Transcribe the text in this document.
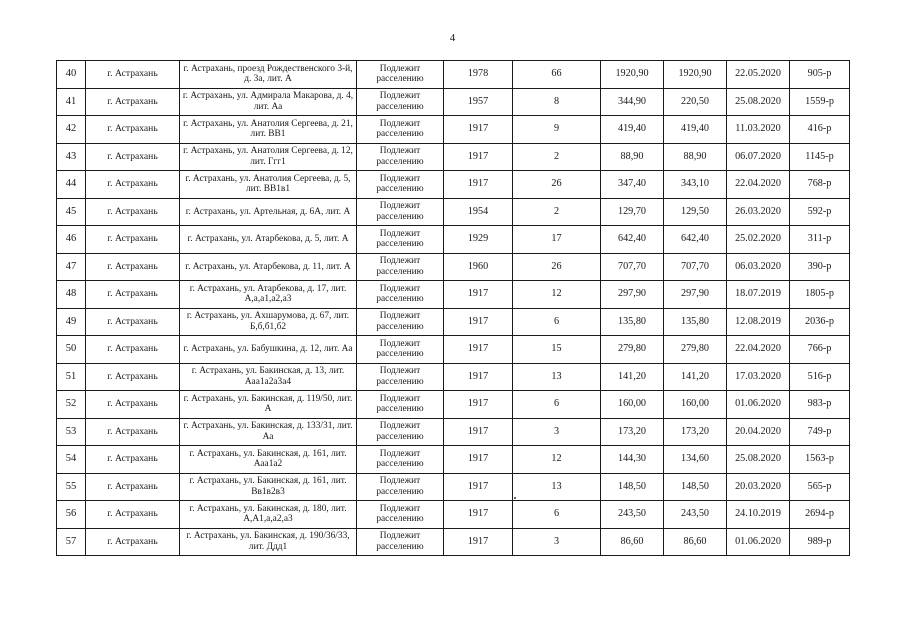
4
40	г. Астрахань	г. Астрахань, проезд Рождественского 3-й, д. 3а, лит. А	Подлежит расселению	1978	66	1920,90	1920,90	22.05.2020	905-р
41	г. Астрахань	г. Астрахань, ул. Адмирала Макарова, д. 4, лит. Аа	Подлежит расселению	1957	8	344,90	220,50	25.08.2020	1559-р
42	г. Астрахань	г. Астрахань, ул. Анатолия Сергеева, д. 21, лит. ВВ1	Подлежит расселению	1917	9	419,40	419,40	11.03.2020	416-р
43	г. Астрахань	г. Астрахань, ул. Анатолия Сергеева, д. 12, лит. Ггг1	Подлежит расселению	1917	2	88,90	88,90	06.07.2020	1145-р
44	г. Астрахань	г. Астрахань, ул. Анатолия Сергеева, д. 5, лит. ВВ1в1	Подлежит расселению	1917	26	347,40	343,10	22.04.2020	768-р
45	г. Астрахань	г. Астрахань, ул. Артельная, д. 6А, лит. А	Подлежит расселению	1954	2	129,70	129,50	26.03.2020	592-р
46	г. Астрахань	г. Астрахань, ул. Атарбекова, д. 5, лит. А	Подлежит расселению	1929	17	642,40	642,40	25.02.2020	311-р
47	г. Астрахань	г. Астрахань, ул. Атарбекова, д. 11, лит. А	Подлежит расселению	1960	26	707,70	707,70	06.03.2020	390-р
48	г. Астрахань	г. Астрахань, ул. Атарбекова, д. 17, лит. А,а,а1,а2,а3	Подлежит расселению	1917	12	297,90	297,90	18.07.2019	1805-р
49	г. Астрахань	г. Астрахань, ул. Ахшарумова, д. 67, лит. Б,б,б1,б2	Подлежит расселению	1917	6	135,80	135,80	12.08.2019	2036-р
50	г. Астрахань	г. Астрахань, ул. Бабушкина, д. 12, лит. Аа	Подлежит расселению	1917	15	279,80	279,80	22.04.2020	766-р
51	г. Астрахань	г. Астрахань, ул. Бакинская, д. 13, лит. Ааа1а2а3а4	Подлежит расселению	1917	13	141,20	141,20	17.03.2020	516-р
52	г. Астрахань	г. Астрахань, ул. Бакинская, д. 119/50, лит. А	Подлежит расселению	1917	6	160,00	160,00	01.06.2020	983-р
53	г. Астрахань	г. Астрахань, ул. Бакинская, д. 133/31, лит. Аа	Подлежит расселению	1917	3	173,20	173,20	20.04.2020	749-р
54	г. Астрахань	г. Астрахань, ул. Бакинская, д. 161, лит. Ааа1а2	Подлежит расселению	1917	12	144,30	134,60	25.08.2020	1563-р
55	г. Астрахань	г. Астрахань, ул. Бакинская, д. 161, лит. Вв1в2в3	Подлежит расселению	1917	13	148,50	148,50	20.03.2020	565-р
56	г. Астрахань	г. Астрахань, ул. Бакинская, д. 180, лит. А,А1,а,а2,а3	Подлежит расселению	1917	6	243,50	243,50	24.10.2019	2694-р
57	г. Астрахань	г. Астрахань, ул. Бакинская, д. 190/36/33, лит. Ддд1	Подлежит расселению	1917	3	86,60	86,60	01.06.2020	989-р
